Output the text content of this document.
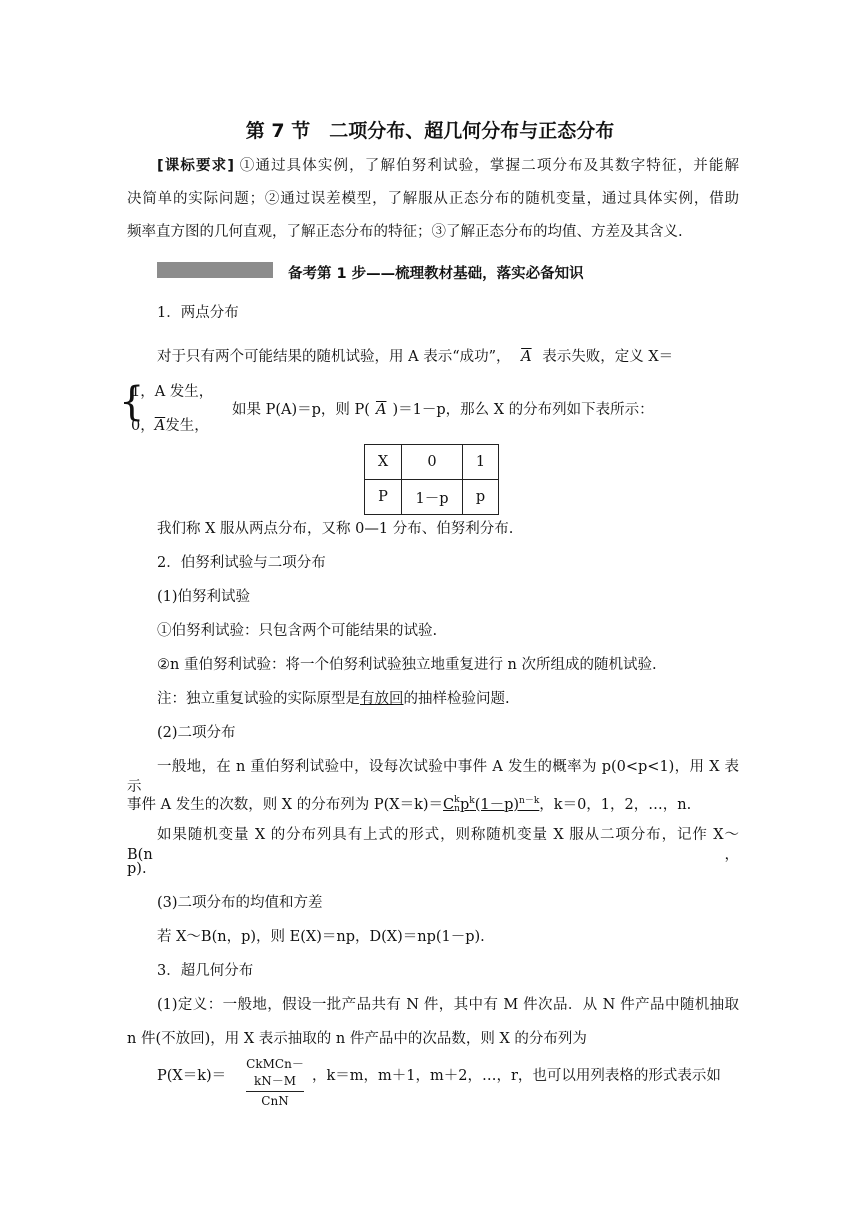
第 7 节　二项分布、超几何分布与正态分布
[课标要求] ①通过具体实例，了解伯努利试验，掌握二项分布及其数字特征，并能解
决简单的实际问题；②通过误差模型，了解服从正态分布的随机变量，通过具体实例，借助
频率直方图的几何直观，了解正态分布的特征；③了解正态分布的均值、方差及其含义.
备考第 1 步——梳理教材基础，落实必备知识
1．两点分布
对于只有两个可能结果的随机试验，用 A 表示“成功”， $\overline{A}$ 表示失败，定义 X＝
{
1，A 发生，
0，$\overline{A}$发生，
如果 P(A)＝p，则 P( $\overline{A}$ )＝1－p，那么 X 的分布列如下表所示：
X	0	1
P	1－p	p
我们称 X 服从两点分布，又称 0—1 分布、伯努利分布.
2．伯努利试验与二项分布
(1)伯努利试验
①伯努利试验：只包含两个可能结果的试验.
②n 重伯努利试验：将一个伯努利试验独立地重复进行 n 次所组成的随机试验.
注：独立重复试验的实际原型是有放回的抽样检验问题.
(2)二项分布
一般地，在 n 重伯努利试验中，设每次试验中事件 A 发生的概率为 p(0<p<1)，用 X 表示
事件 A 发生的次数，则 X 的分布列为 P(X＝k)＝C k
n $p^k(1-p)^{n-k}$，k＝0，1，2，…，n.
如果随机变量 X 的分布列具有上式的形式，则称随机变量 X 服从二项分布，记作 X～B(n，
p).
(3)二项分布的均值和方差
若 X～B(n，p)，则 E(X)＝np，D(X)＝np(1－p).
3．超几何分布
(1)定义：一般地，假设一批产品共有 N 件，其中有 M 件次品．从 N 件产品中随机抽取
n 件(不放回)，用 X 表示抽取的 n 件产品中的次品数，则 X 的分布列为
P(X＝k)＝
CkMCn－kN－M
CnN
，k＝m，m＋1，m＋2，…，r，也可以用列表格的形式表示如
